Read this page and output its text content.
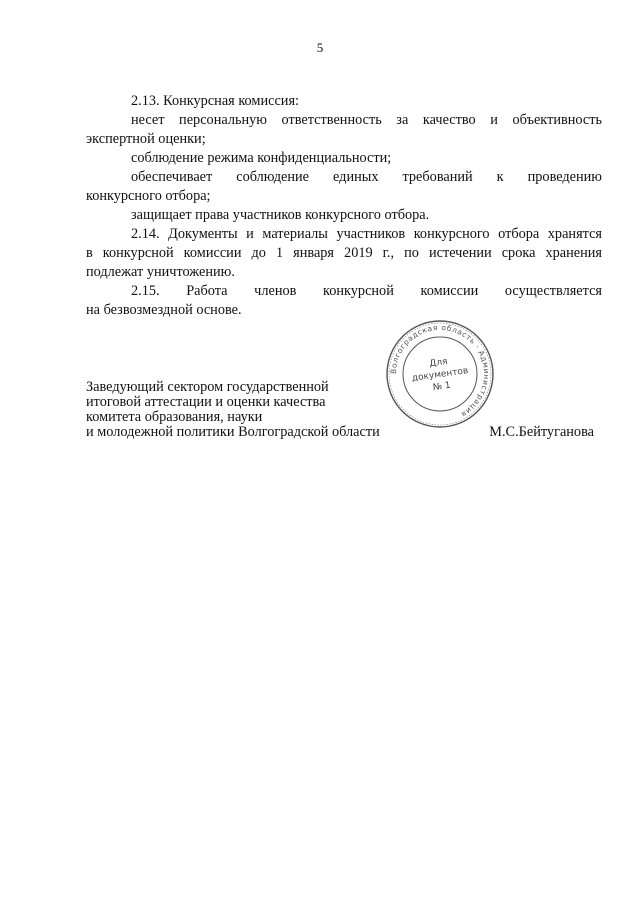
5

2.13. Конкурсная комиссия:

несет персональную ответственность за качество и объективность

экспертной оценки;

соблюдение режима конфиденциальности;

обеспечивает соблюдение единых требований к проведению

конкурсного отбора;

защищает права участников конкурсного отбора.

2.14. Документы и материалы участников конкурсного отбора хранятся

в конкурсной комиссии до 1 января 2019 г., по истечении срока хранения

подлежат уничтожению.

2.15. Работа членов конкурсной комиссии осуществляется

на безвозмездной основе.

Волгоградская область · Администрация
Для
документов
№ 1

Заведующий сектором государственной

итоговой аттестации и оценки качества

комитета образования, науки

и молодежной политики Волгоградской области	М.С.Бейтуганова
